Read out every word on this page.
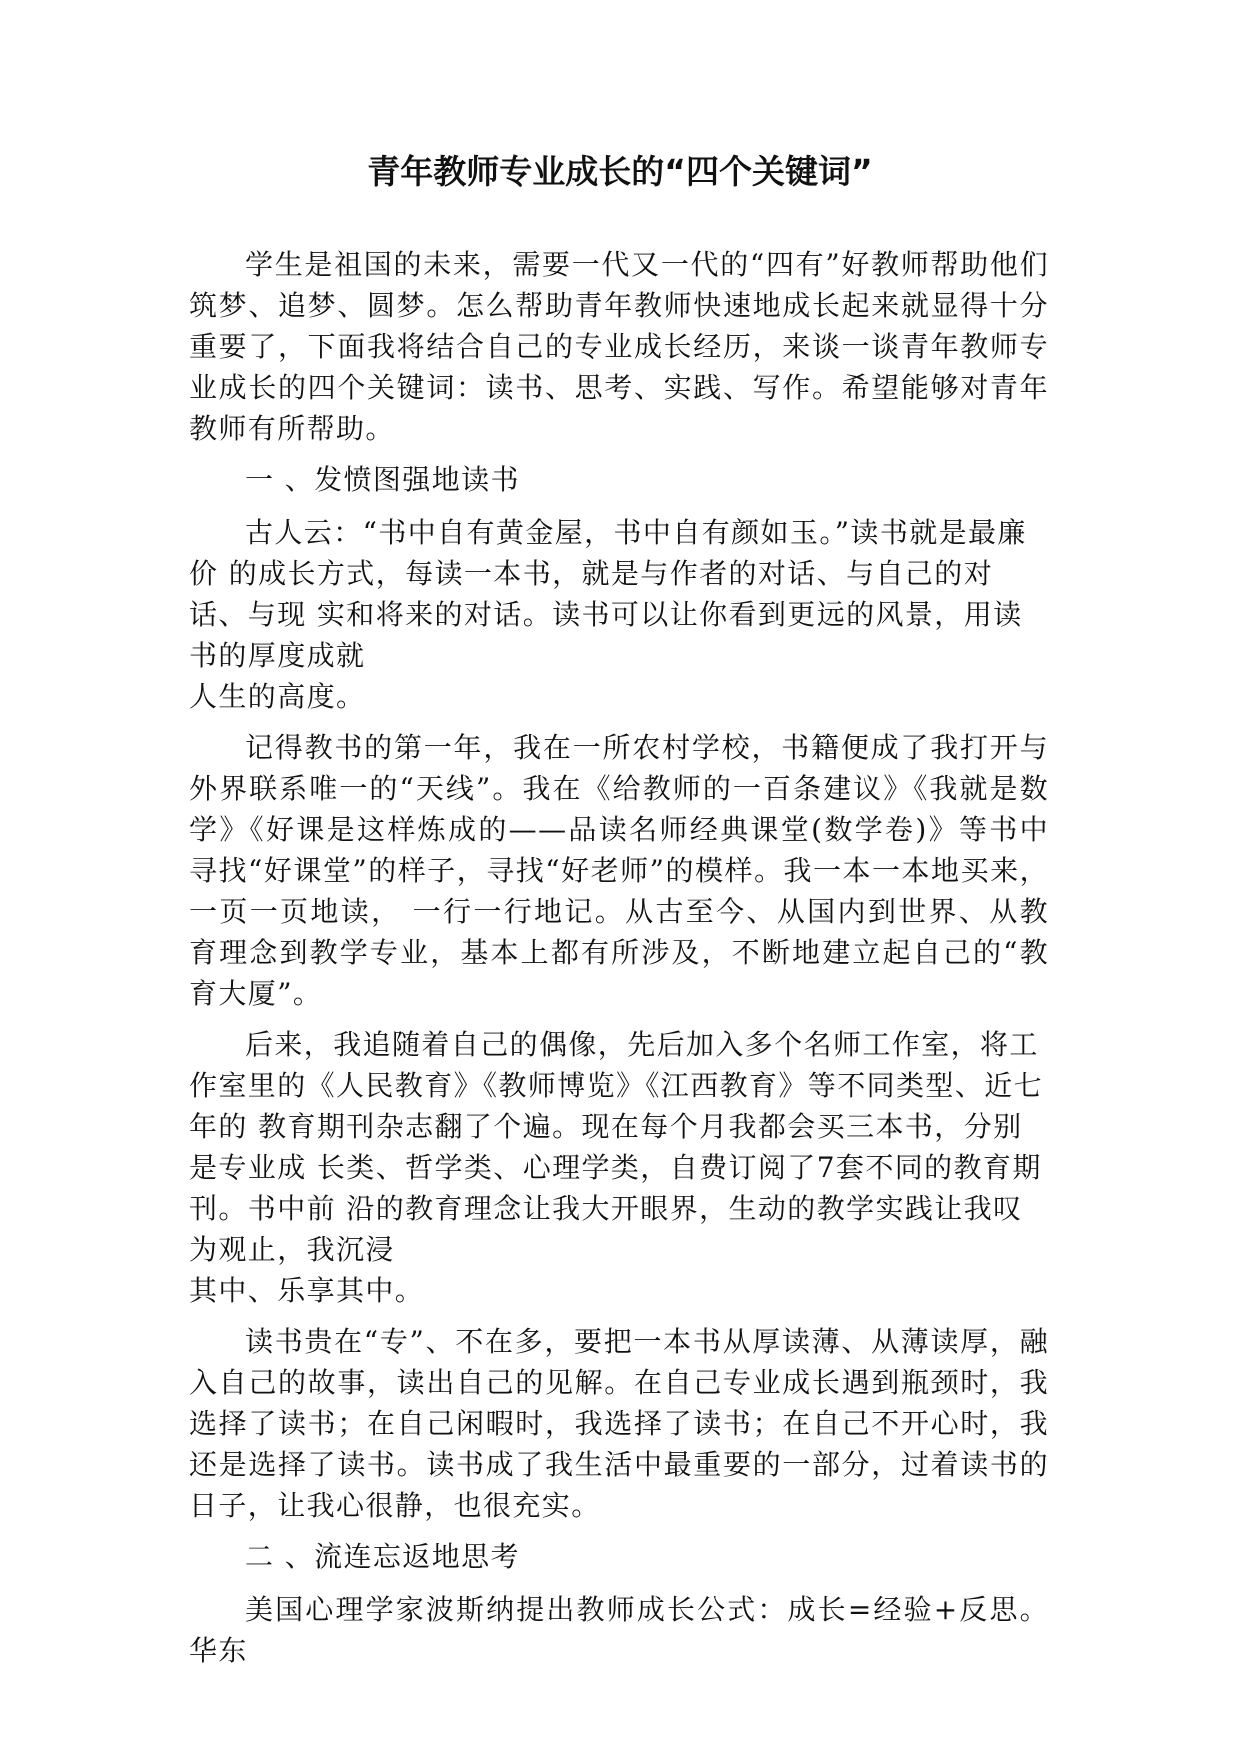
青年教师专业成长的“四个关键词”

学生是祖国的未来，需要一代又一代的“四有”好教师帮助他们筑梦、追梦、圆梦。怎么帮助青年教师快速地成长起来就显得十分重要了，下面我将结合自己的专业成长经历，来谈一谈青年教师专业成长的四个关键词：读书、思考、实践、写作。希望能够对青年教师有所帮助。

一 、发愤图强地读书

古人云：“书中自有黄金屋，书中自有颜如玉。”读书就是最廉价 的成长方式，每读一本书，就是与作者的对话、与自己的对话、与现 实和将来的对话。读书可以让你看到更远的风景，用读书的厚度成就

人生的高度。

记得教书的第一年，我在一所农村学校，书籍便成了我打开与外界联系唯一的“天线”。我在《给教师的一百条建议》《我就是数学》《好课是这样炼成的——品读名师经典课堂(数学卷)》等书中寻找“好课堂”的样子，寻找“好老师”的模样。我一本一本地买来， 一页一页地读， 一行一行地记。从古至今、从国内到世界、从教育理念到教学专业，基本上都有所涉及，不断地建立起自己的“教育大厦”。

后来，我追随着自己的偶像，先后加入多个名师工作室，将工作室里的《人民教育》《教师博览》《江西教育》等不同类型、近七年的 教育期刊杂志翻了个遍。现在每个月我都会买三本书，分别是专业成 长类、哲学类、心理学类，自费订阅了7套不同的教育期刊。书中前 沿的教育理念让我大开眼界，生动的教学实践让我叹为观止，我沉浸

其中、乐享其中。

读书贵在“专”、不在多，要把一本书从厚读薄、从薄读厚，融入自己的故事，读出自己的见解。在自己专业成长遇到瓶颈时，我选择了读书；在自己闲暇时，我选择了读书；在自己不开心时，我还是选择了读书。读书成了我生活中最重要的一部分，过着读书的日子，让我心很静，也很充实。

二 、流连忘返地思考

美国心理学家波斯纳提出教师成长公式：成长=经验+反思。华东
